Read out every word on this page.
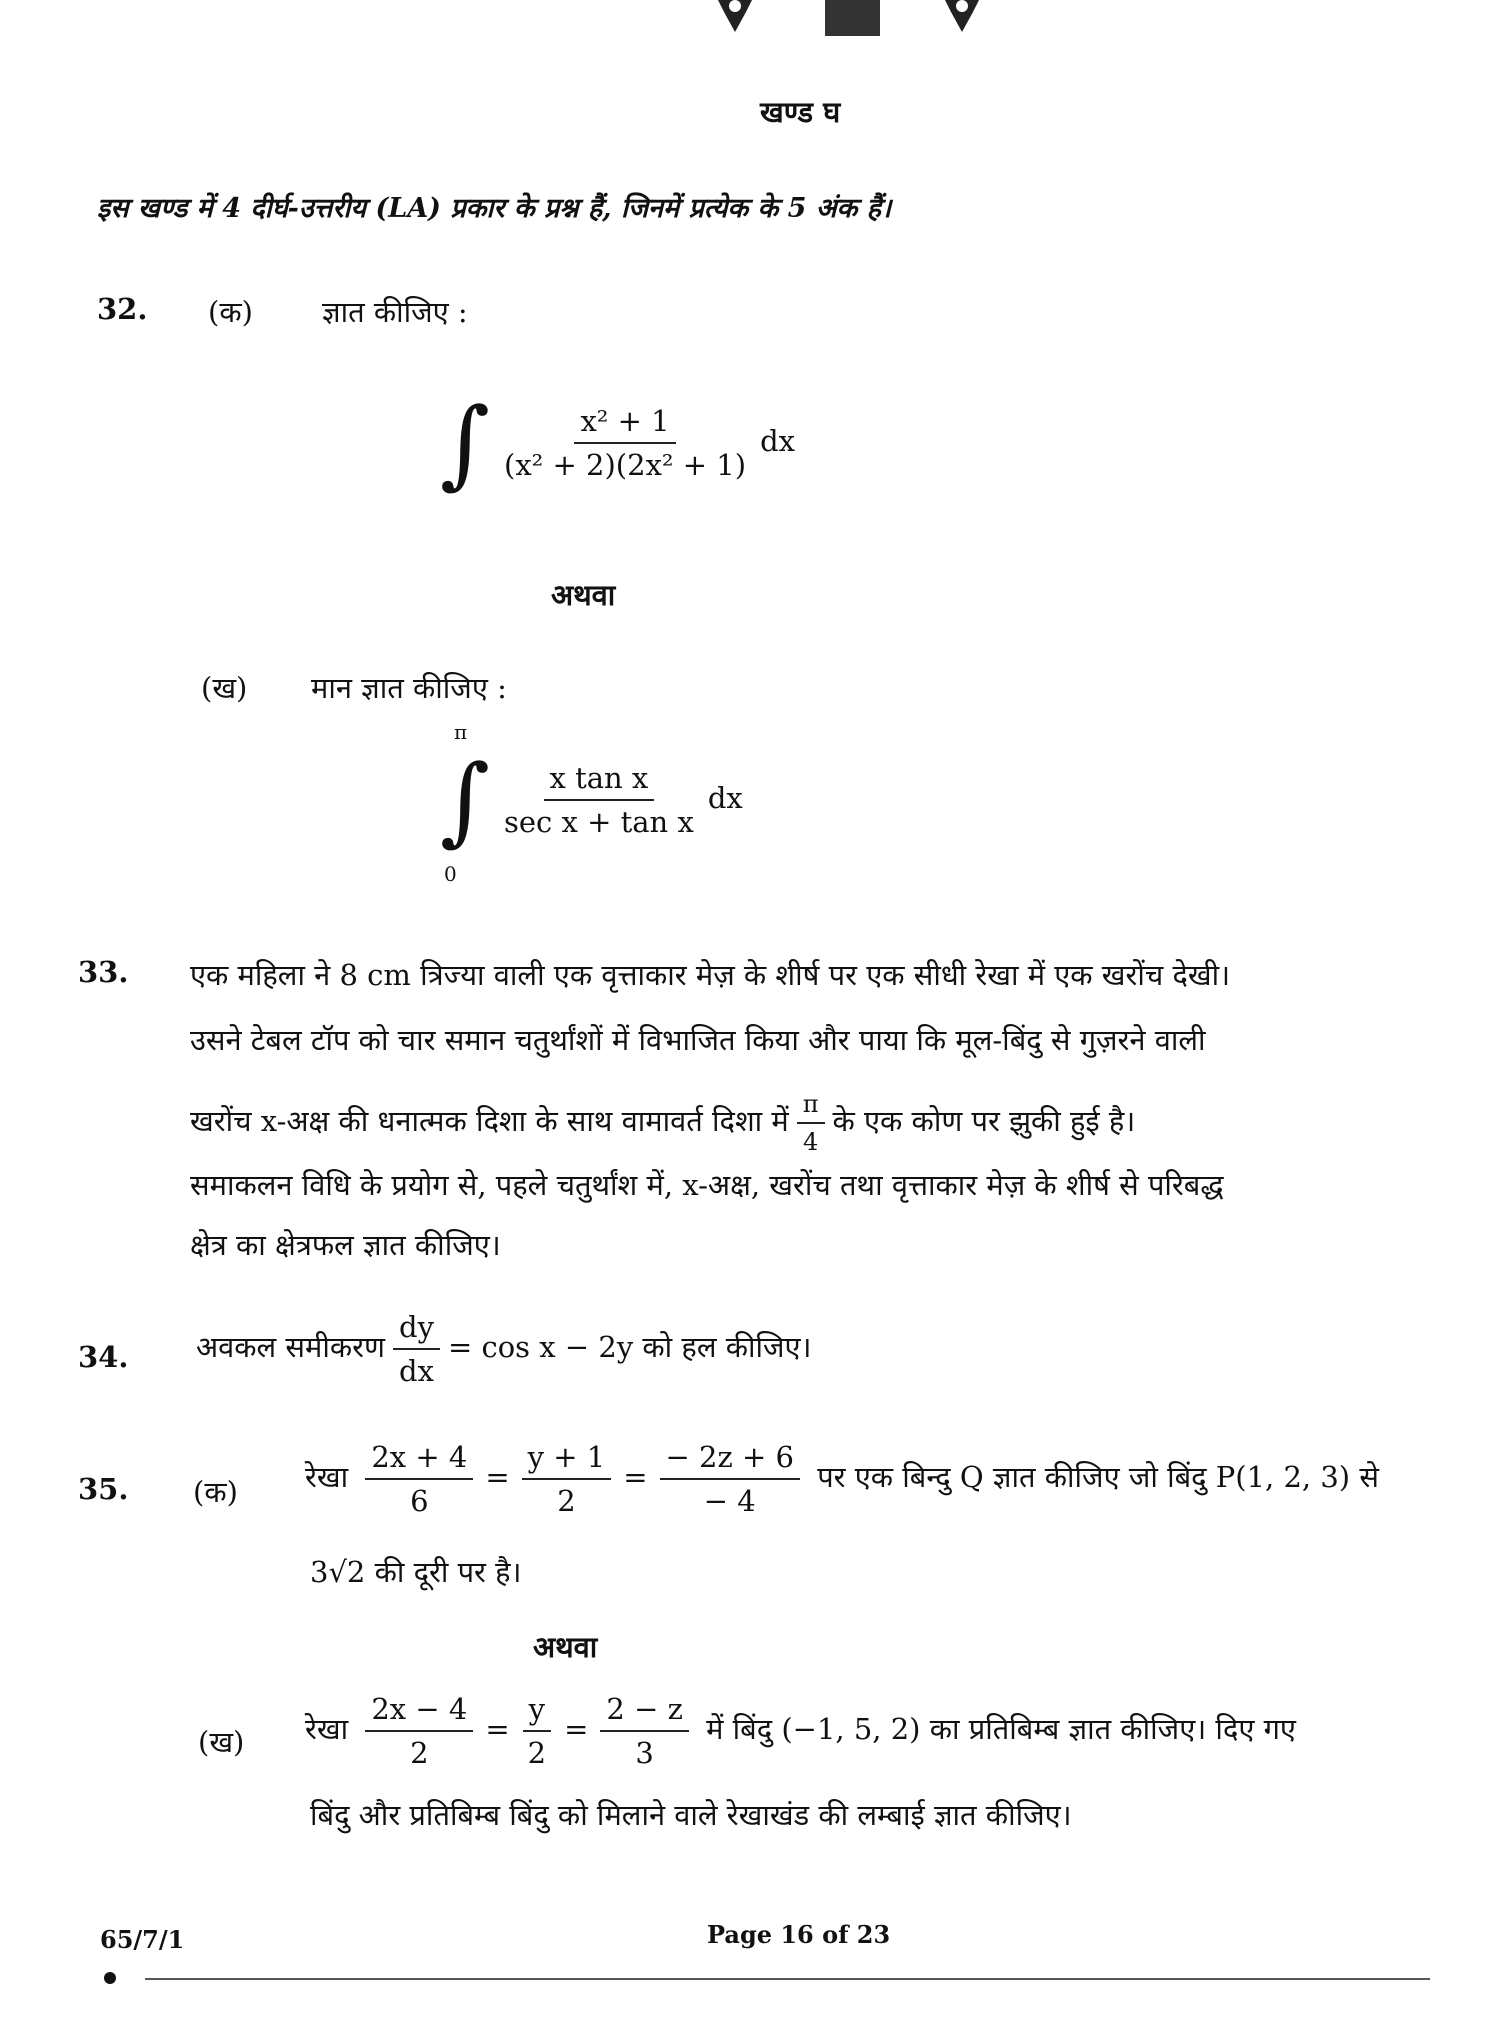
खण्ड घ
इस खण्ड में 4 दीर्घ-उत्तरीय (LA) प्रकार के प्रश्न हैं, जिनमें प्रत्येक के 5 अंक हैं।
32. (क) ज्ञात कीजिए :
∫ $\frac{\text{x² + 1}}{\text{(x² + 2)(2x² + 1)}}$ dx
अथवा
(ख) मान ज्ञात कीजिए :
π
0
∫ $\frac{\text{x tan x}}{\text{sec x + tan x}}$ dx
33. एक महिला ने 8 cm त्रिज्या वाली एक वृत्ताकार मेज़ के शीर्ष पर एक सीधी रेखा में एक खरोंच देखी।
उसने टेबल टॉप को चार समान चतुर्थांशों में विभाजित किया और पाया कि मूल-बिंदु से गुज़रने वाली
खरोंच x-अक्ष की धनात्मक दिशा के साथ वामावर्त दिशा में $\frac{\pi}{4}$ के एक कोण पर झुकी हुई है।
समाकलन विधि के प्रयोग से, पहले चतुर्थांश में, x-अक्ष, खरोंच तथा वृत्ताकार मेज़ के शीर्ष से परिबद्ध
क्षेत्र का क्षेत्रफल ज्ञात कीजिए।
34. अवकल समीकरण $\frac{dy}{dx} = \cos x - 2y$ को हल कीजिए।
35. (क) रेखा $\frac{2x + 4}{6} = \frac{y + 1}{2} = \frac{- 2z + 6}{- 4}$ पर एक बिन्दु Q ज्ञात कीजिए जो बिंदु P(1, 2, 3) से
3√2 की दूरी पर है।
अथवा
(ख) रेखा $\frac{2x - 4}{2} = \frac{y}{2} = \frac{2 - z}{3}$ में बिंदु (−1, 5, 2) का प्रतिबिम्ब ज्ञात कीजिए। दिए गए
बिंदु और प्रतिबिम्ब बिंदु को मिलाने वाले रेखाखंड की लम्बाई ज्ञात कीजिए।
65/7/1	Page 16 of 23
